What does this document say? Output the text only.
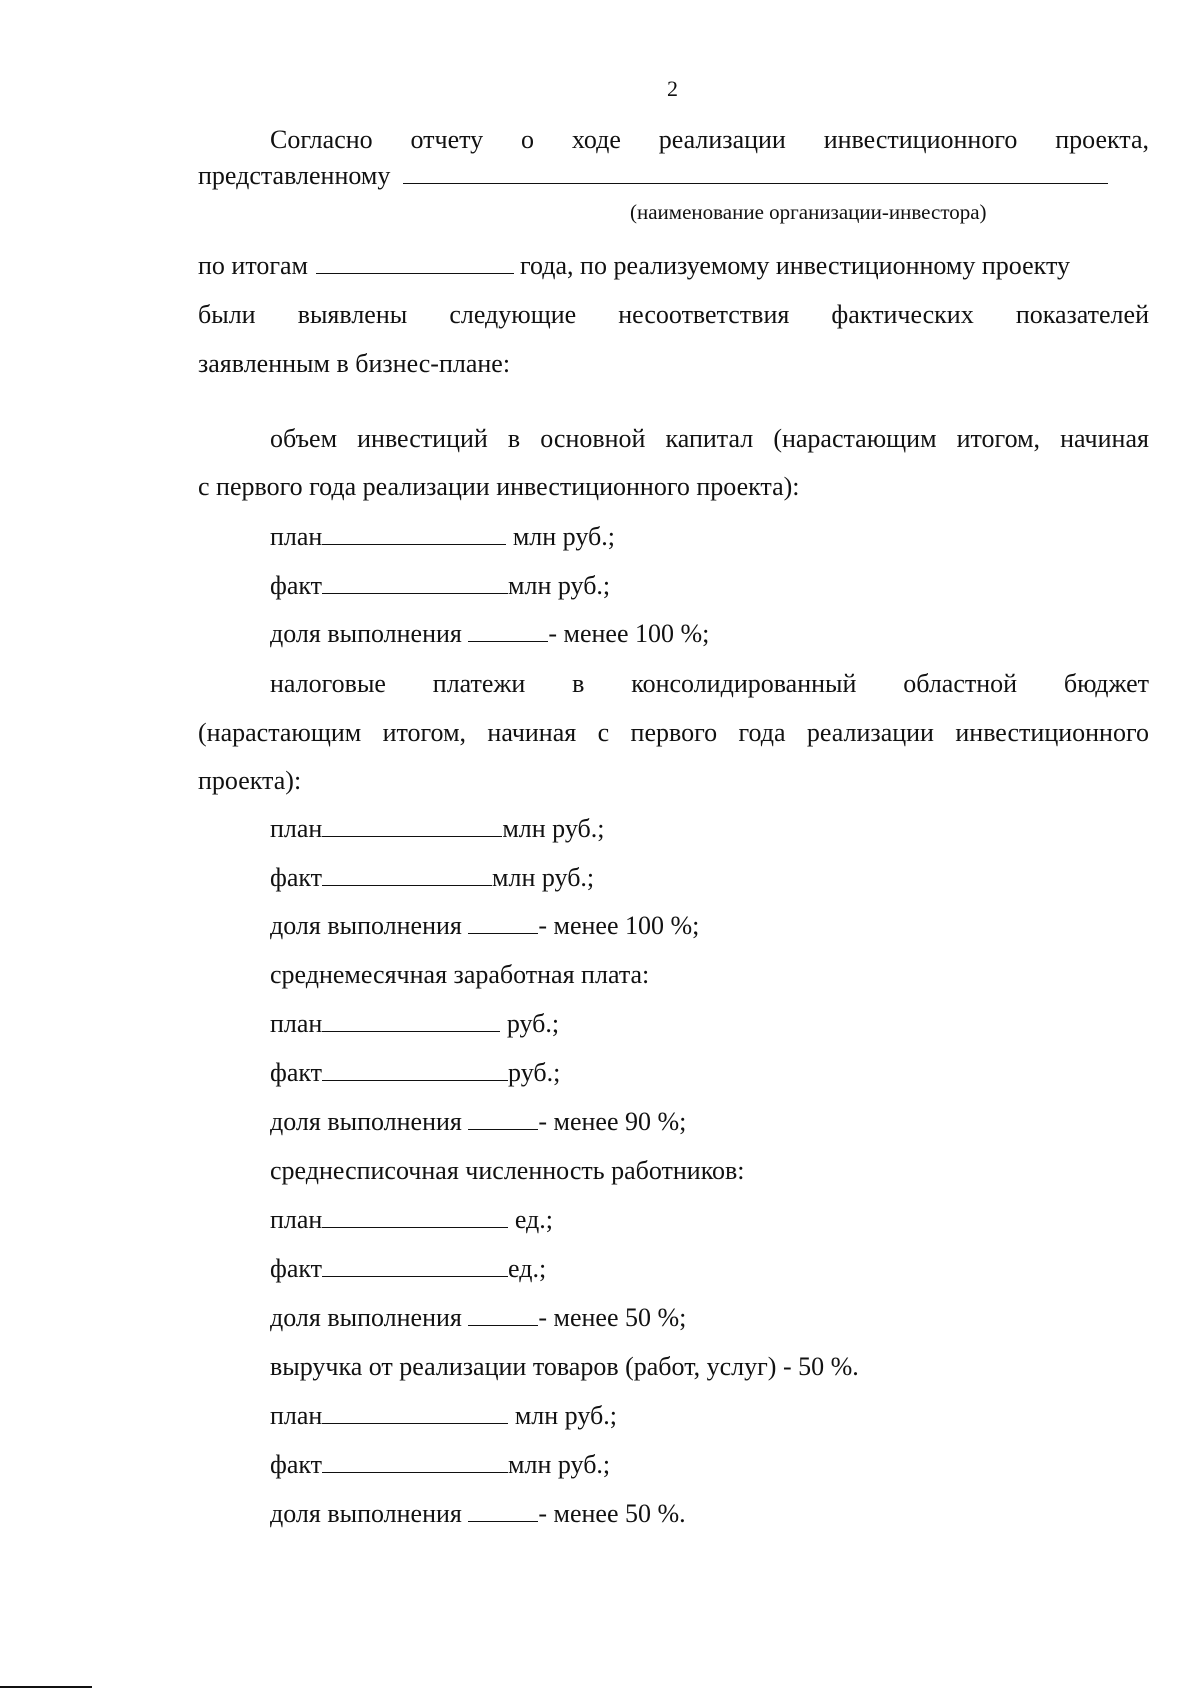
2
Согласно отчету о ходе реализации инвестиционного проекта,
представленному
(наименование организации-инвестора)
по итогам	года, по реализуемому инвестиционному проекту
были выявлены следующие несоответствия фактических показателей
заявленным в бизнес-плане:
объем инвестиций в основной капитал (нарастающим итогом, начиная
с первого года реализации инвестиционного проекта):
план	млн руб.;
факт	млн руб.;
доля выполнения	- менее 100 %;
налоговые платежи в консолидированный областной бюджет
(нарастающим итогом, начиная с первого года реализации инвестиционного
проекта):
план	млн руб.;
факт	млн руб.;
доля выполнения	- менее 100 %;
среднемесячная заработная плата:
план	руб.;
факт	руб.;
доля выполнения	- менее 90 %;
среднесписочная численность работников:
план	ед.;
факт	ед.;
доля выполнения	- менее 50 %;
выручка от реализации товаров (работ, услуг) - 50 %.
план	млн руб.;
факт	млн руб.;
доля выполнения	- менее 50 %.
